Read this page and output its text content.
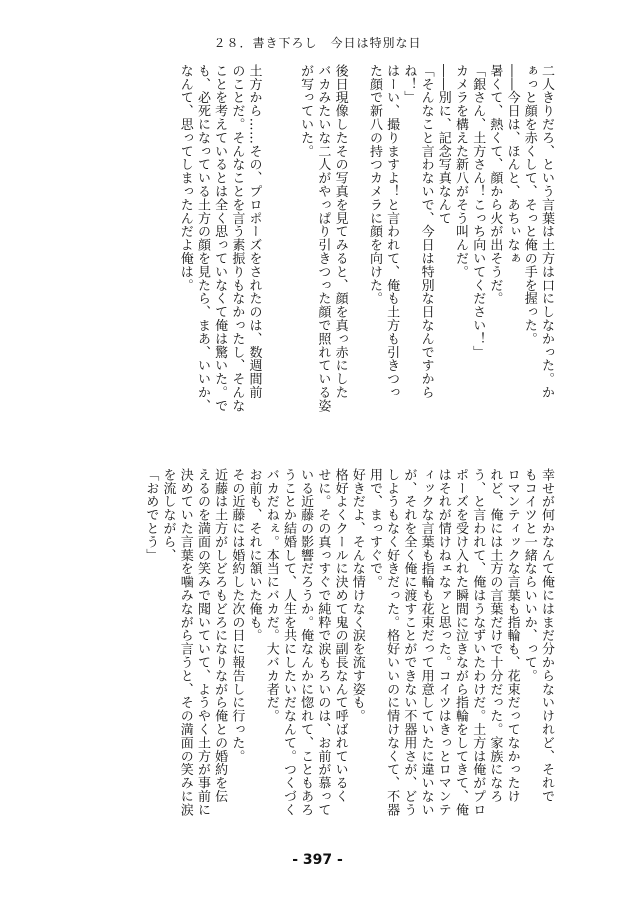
２８．書き下ろし　今日は特別な日
二人きりだろ、という言葉は土方は口にしなかった。か
ぁっと顔を赤くして、そっと俺の手を握った。
――今日は、ほんと、あちぃなぁ
暑くて、熱くて、顔から火が出そうだ。
「銀さん、土方さん！こっち向いてください！」
カメラを構えた新八がそう叫んだ。
――別に、記念写真なんて
「そんなこと言わないで、今日は特別な日なんですから
ね！」
はーい、撮りますよ！と言われて、俺も土方も引きつっ
た顔で新八の持つカメラに顔を向けた。

後日現像したその写真を見てみると、顔を真っ赤にした
バカみたいな二人がやっぱり引きつった顔で照れている姿
が写っていた。

土方から……その、プロポーズをされたのは、数週間前
のことだ。そんなことを言う素振りもなかったし、そんな
ことを考えているとは全く思っていなくて俺は驚いた。で
も、必死になっている土方の顔を見たら、まあ、いいか、
なんて、思ってしまったんだよ俺は。
幸せが何かなんて俺にはまだ分からないけれど、それで
もコイツと一緒ならいいか、って。
ロマンティックな言葉も指輪も、花束だってなかったけ
れど、俺には土方の言葉だけで十分だった。家族になろ
う、と言われて、俺はうなずいたわけだ。土方は俺がプロ
ポーズを受け入れた瞬間に泣きながら指輪をしてきて、俺
はそれが情けねェなァと思った。コイツはきっとロマンテ
ィックな言葉も指輪も花束だって用意していたに違いない
が、それを全く俺に渡すことができない不器用さが、どう
しようもなく好きだった。格好いいのに情けなくて、不器
用で、まっすぐで。
好きだよ、そんな情けなく涙を流す姿も。
格好よくクールに決めて鬼の副長なんて呼ばれているく
せに。その真っすぐで純粋で涙もろいのは、お前が慕って
いる近藤の影響だろうか。俺なんかに惚れて、こともあろ
うことか結婚して、人生を共にしたいだなんて。つくづく
バカだねぇ。本当にバカだ。大バカ者だ。
お前も、それに頷いた俺も。
その近藤には婚約した次の日に報告しに行った。
近藤は土方がしどろもどろになりながら俺との婚約を伝
えるのを満面の笑みで聞いていて、ようやく土方が事前に
決めていた言葉を噛みながら言うと、その満面の笑みに涙
を流しながら、
「おめでとう」
- 397 -
